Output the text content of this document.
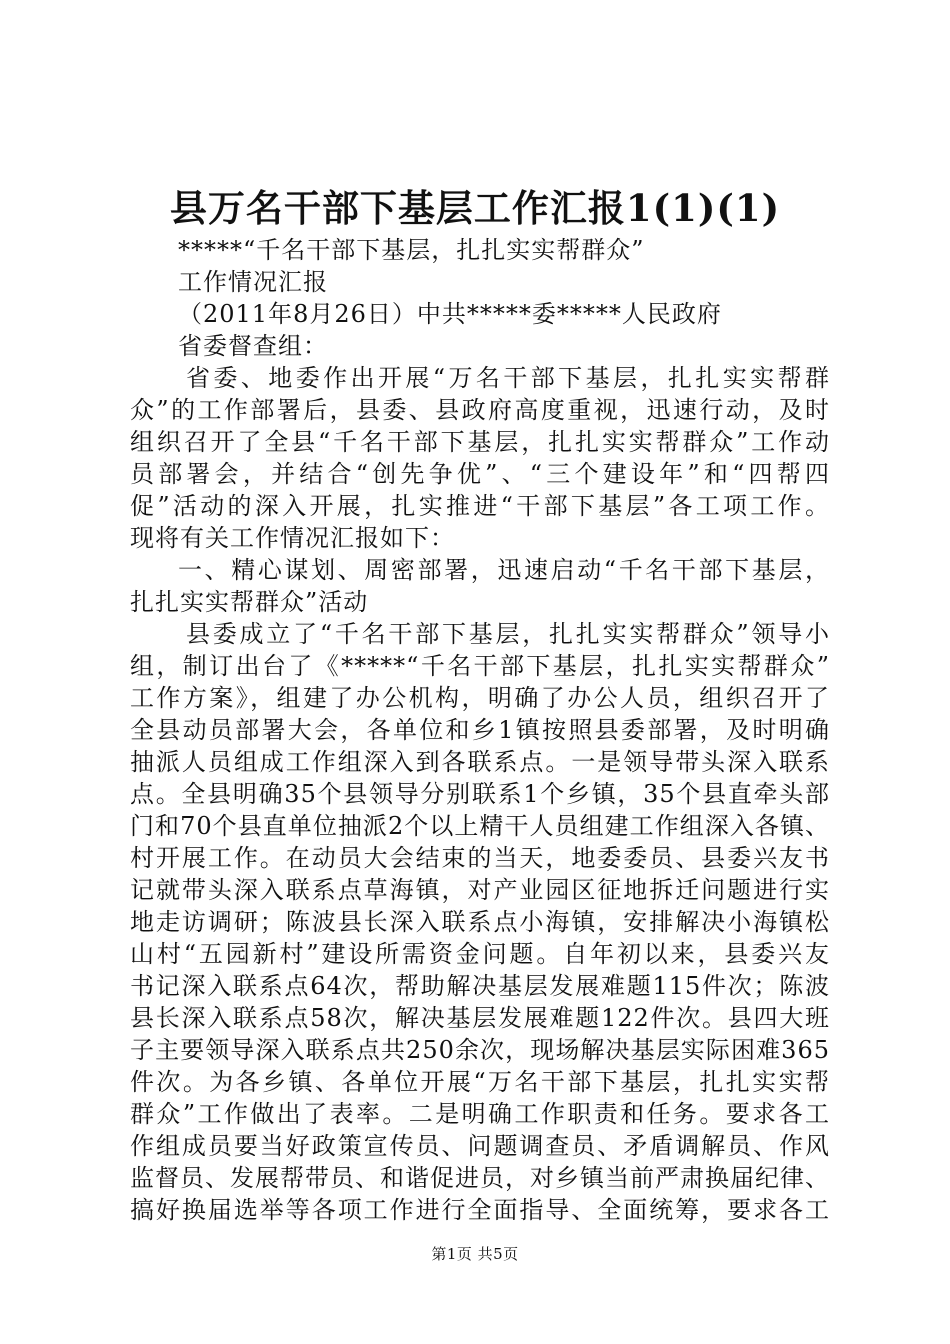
县万名干部下基层工作汇报1(1)(1)
*****“千名干部下基层，扎扎实实帮群众”
工作情况汇报
（2011年8月26日）中共*****委*****人民政府
省委督查组：
省委、地委作出开展“万名干部下基层，扎扎实实帮群
众”的工作部署后，县委、县政府高度重视，迅速行动，及时
组织召开了全县“千名干部下基层，扎扎实实帮群众”工作动
员部署会，并结合“创先争优”、“三个建设年”和“四帮四
促”活动的深入开展，扎实推进“干部下基层”各工项工作。
现将有关工作情况汇报如下：
一、精心谋划、周密部署，迅速启动“千名干部下基层，
扎扎实实帮群众”活动
县委成立了“千名干部下基层，扎扎实实帮群众”领导小
组，制订出台了《*****“千名干部下基层，扎扎实实帮群众”
工作方案》，组建了办公机构，明确了办公人员，组织召开了
全县动员部署大会，各单位和乡1镇按照县委部署，及时明确
抽派人员组成工作组深入到各联系点。一是领导带头深入联系
点。全县明确35个县领导分别联系1个乡镇，35个县直牵头部
门和70个县直单位抽派2个以上精干人员组建工作组深入各镇、
村开展工作。在动员大会结束的当天，地委委员、县委兴友书
记就带头深入联系点草海镇，对产业园区征地拆迁问题进行实
地走访调研；陈波县长深入联系点小海镇，安排解决小海镇松
山村“五园新村”建设所需资金问题。自年初以来，县委兴友
书记深入联系点64次，帮助解决基层发展难题115件次；陈波
县长深入联系点58次，解决基层发展难题122件次。县四大班
子主要领导深入联系点共250余次，现场解决基层实际困难365
件次。为各乡镇、各单位开展“万名干部下基层，扎扎实实帮
群众”工作做出了表率。二是明确工作职责和任务。要求各工
作组成员要当好政策宣传员、问题调查员、矛盾调解员、作风
监督员、发展帮带员、和谐促进员，对乡镇当前严肃换届纪律、
搞好换届选举等各项工作进行全面指导、全面统筹，要求各工
第1页 共5页
